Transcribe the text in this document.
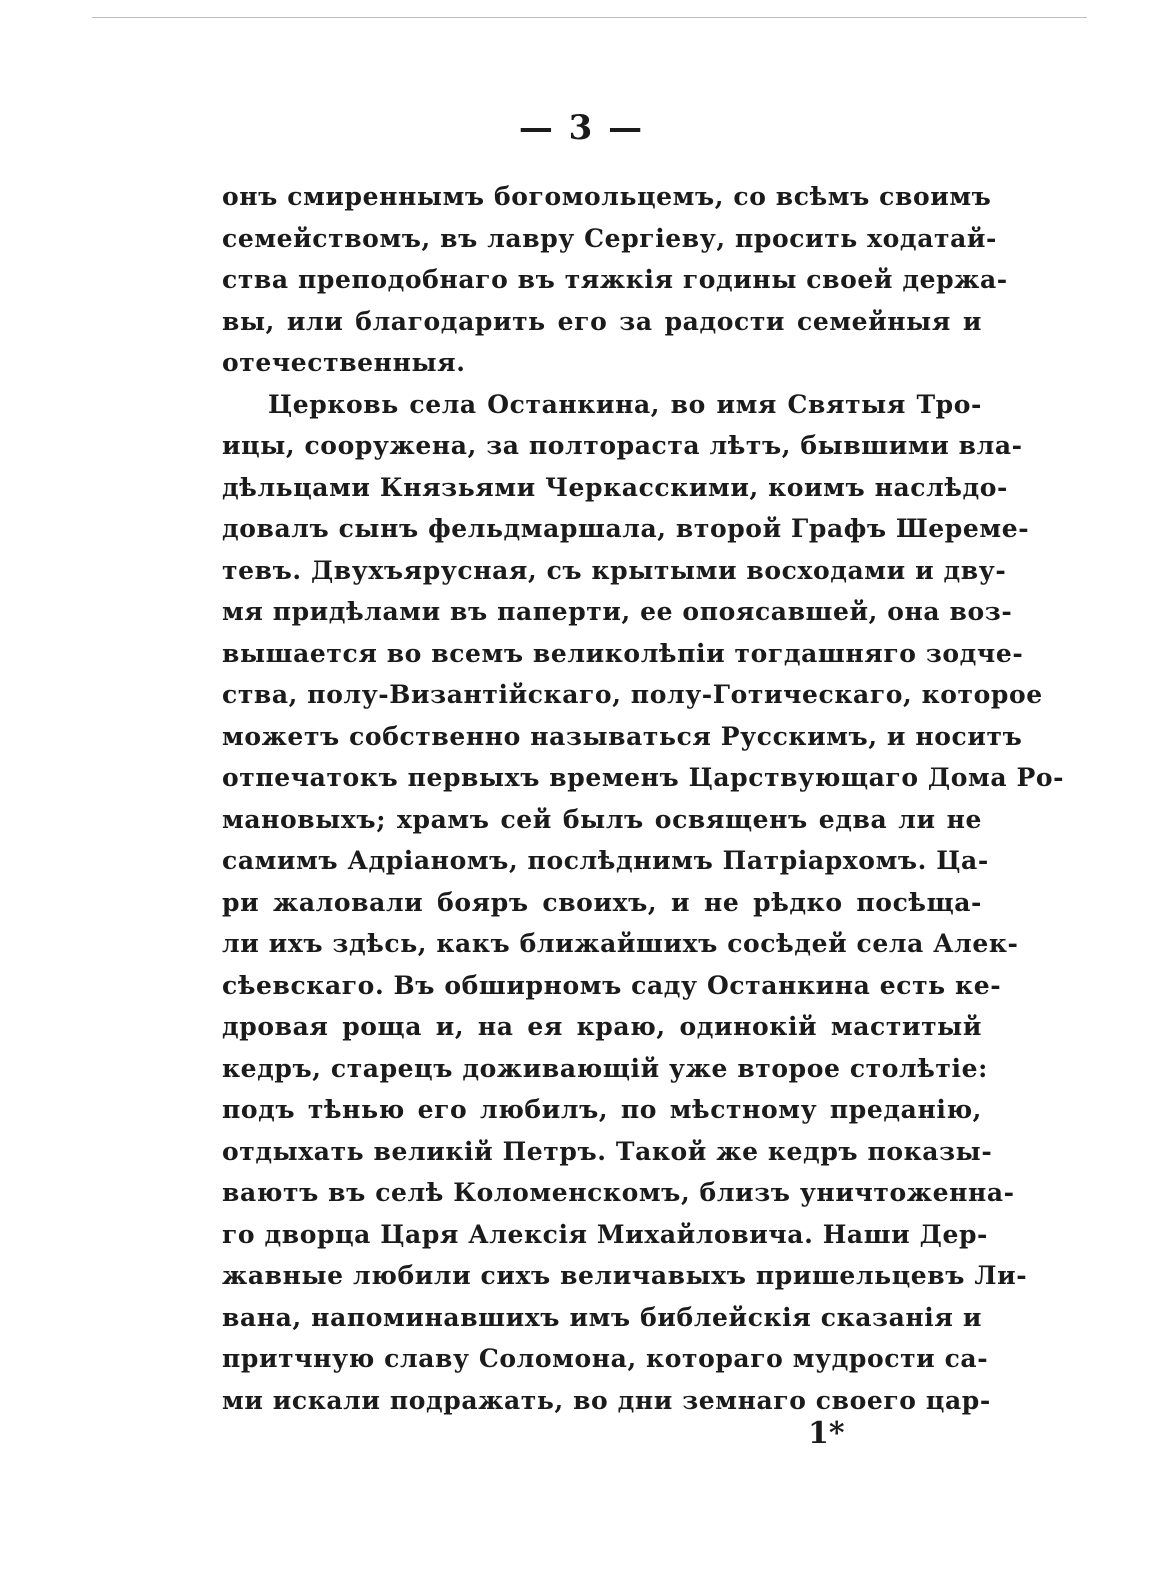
— 3 —
онъ смиреннымъ богомольцемъ, со всѣмъ своимъ
семействомъ, въ лавру Сергіеву, просить ходатай-
ства преподобнаго въ тяжкія годины своей держа-
вы, или благодарить его за радости семейныя и
отечественныя.
Церковь села Останкина, во имя Святыя Тро-
ицы, сооружена, за полтораста лѣтъ, бывшими вла-
дѣльцами Князьями Черкасскими, коимъ наслѣдо-
довалъ сынъ фельдмаршала, второй Графъ Шереме-
тевъ. Двухъярусная, съ крытыми восходами и дву-
мя придѣлами въ паперти, ее опоясавшей, она воз-
вышается во всемъ великолѣпіи тогдашняго зодче-
ства, полу-Византійскаго, полу-Готическаго, которое
можетъ собственно называться Русскимъ, и носитъ
отпечатокъ первыхъ временъ Царствующаго Дома Ро-
мановыхъ; храмъ сей былъ освященъ едва ли не
самимъ Адріаномъ, послѣднимъ Патріархомъ. Ца-
ри жаловали бояръ своихъ, и не рѣдко посѣща-
ли ихъ здѣсь, какъ ближайшихъ сосѣдей села Алек-
сѣевскаго. Въ обширномъ саду Останкина есть ке-
дровая роща и, на ея краю, одинокій маститый
кедръ, старецъ доживающій уже второе столѣтіе:
подъ тѣнью его любилъ, по мѣстному преданію,
отдыхать великій Петръ. Такой же кедръ показы-
ваютъ въ селѣ Коломенскомъ, близъ уничтоженна-
го дворца Царя Алексія Михайловича. Наши Дер-
жавные любили сихъ величавыхъ пришельцевъ Ли-
вана, напоминавшихъ имъ библейскія сказанія и
притчную славу Соломона, котораго мудрости са-
ми искали подражать, во дни земнаго своего цар-
1*
